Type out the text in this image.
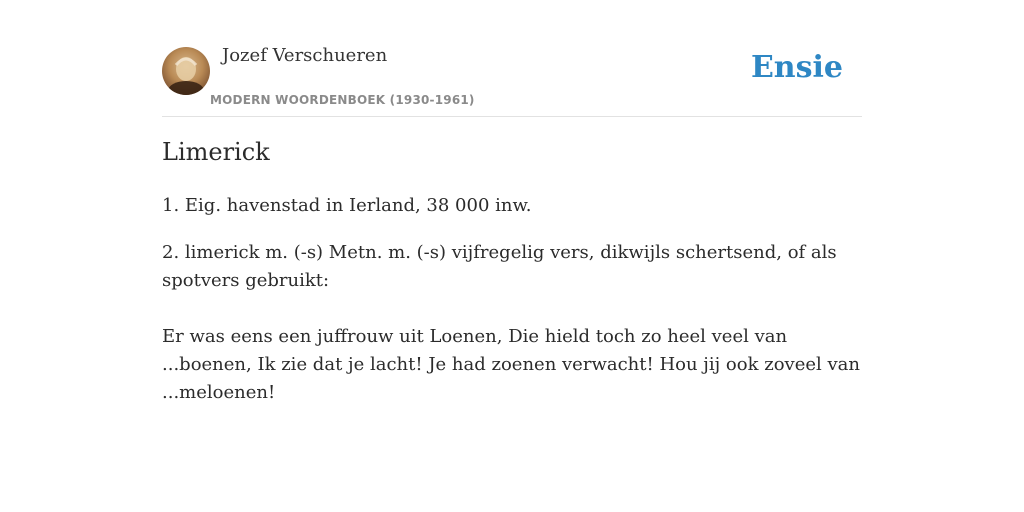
Jozef Verschueren
MODERN WOORDENBOEK (1930-1961)
Ensie
Limerick

1. Eig. havenstad in Ierland, 38 000 inw.

2. limerick m. (-s) Metn. m. (-s) vijfregelig vers, dikwijls schertsend, of als spotvers gebruikt:

Er was eens een juffrouw uit Loenen, Die hield toch zo heel veel van ...boenen, Ik zie dat je lacht! Je had zoenen verwacht! Hou jij ook zoveel van ...meloenen!
